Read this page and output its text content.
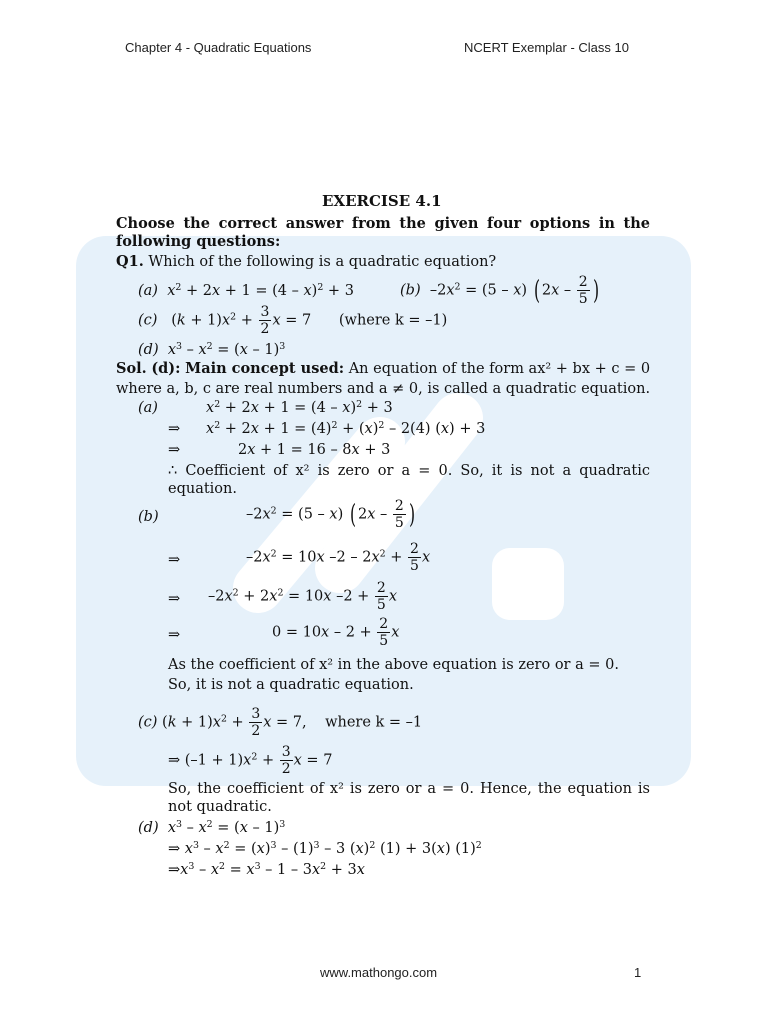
Chapter 4 - Quadratic Equations	NCERT Exemplar - Class 10
EXERCISE 4.1
Choose the correct answer from the given four options in the
following questions:
Q1. Which of the following is a quadratic equation?
(a) $x^2 + 2x + 1 = (4 - x)^2 + 3$	(b)  $-2x^2 = (5 - x)$ ( $2x - \frac{2}{5}$ )
(c)   $(k + 1)x^2 + \frac{3}{2}$ x = 7      (where k = –1)
(d) $x^3 - x^2 = (x - 1)^3$
Sol. (d): Main concept used: An equation of the form ax² + bx + c = 0
where a, b, c are real numbers and a ≠ 0, is called a quadratic equation.
(a)	$x^2 + 2x + 1 = (4 - x)^2 + 3$
⇒ $x^2 + 2x + 1 = (4)^2 + (x)^2 - 2(4) (x) + 3$
⇒	2x + 1 = 16 – 8x + 3
∴ Coefficient of x² is zero or a = 0. So, it is not a quadratic
equation.
(b)	$-2x^2 = (5 - x)$ ( $2x - \frac{2}{5}$ )
⇒	$-2x^2 = 10x$ $-2 - 2x^2 + \frac{2}{5}$ x
⇒ $-2x^2 + 2x^2 = 10x$ $-2 + \frac{2}{5}$ x
⇒	$0 = 10x - 2 + \frac{2}{5}$ x
As the coefficient of x² in the above equation is zero or a = 0.
So, it is not a quadratic equation.
(c) $(k + 1)x^2 + \frac{3}{2}$ x = 7,    where k = –1
⇒ $(-1 + 1)x^2 + \frac{3}{2}$ x = 7
So, the coefficient of x² is zero or a = 0. Hence, the equation is
not quadratic.
(d) $x^3 - x^2 = (x - 1)^3$
⇒ $x^3 - x^2 = (x)^3 - (1)^3 - 3$ $(x)^2$ (1) + 3(x) $(1)^2$
$\Rightarrow x^3 - x^2 = x^3 - 1 - 3x^2 + 3x$
www.mathongo.com	1
